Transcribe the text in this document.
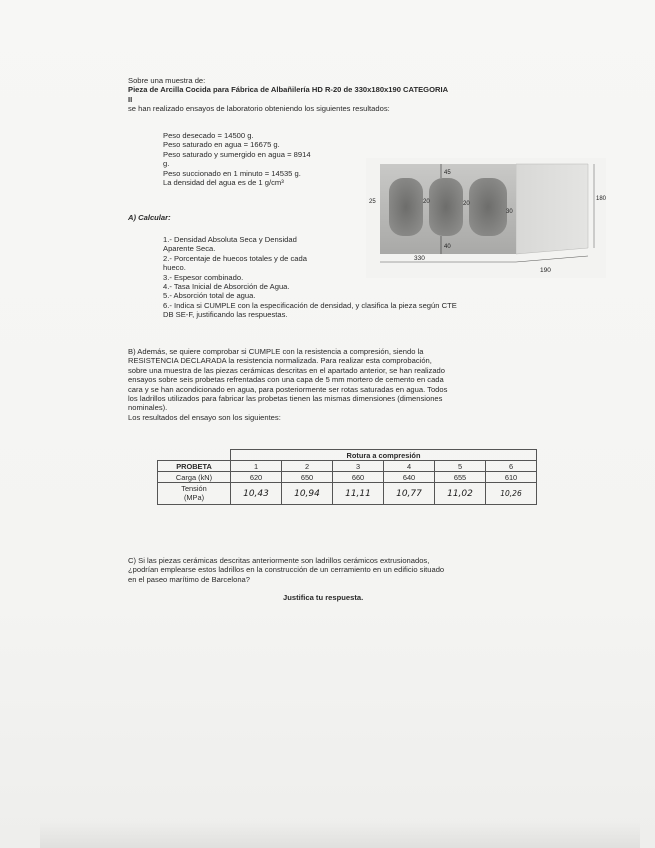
Sobre una muestra de:

Pieza de Arcilla Cocida para Fábrica de Albañilería HD R-20 de 330x180x190 CATEGORIA

II

se han realizado ensayos de laboratorio obteniendo los siguientes resultados:

Peso desecado = 14500 g.

Peso saturado en agua = 16675 g.

Peso saturado y sumergido en agua = 8914

g.

Peso succionado en 1 minuto = 14535 g.

La densidad del agua es de 1 g/cm³

45
25	20	20
30
40
330
190
180

A) Calcular:

1.- Densidad Absoluta Seca y Densidad

Aparente Seca.

2.- Porcentaje de huecos totales y de cada

hueco.

3.- Espesor combinado.

4.- Tasa Inicial de Absorción de Agua.

5.- Absorción total de agua.

6.- Indica si CUMPLE con la especificación de densidad, y clasifica la pieza según CTE

DB SE-F, justificando las respuestas.

B) Además, se quiere comprobar si CUMPLE con la resistencia a compresión, siendo la

RESISTENCIA DECLARADA la resistencia normalizada. Para realizar esta comprobación,

sobre una muestra de las piezas cerámicas descritas en el apartado anterior, se han realizado

ensayos sobre seis probetas refrentadas con una capa de 5 mm mortero de cemento en cada

cara y se han acondicionado en agua, para posteriormente ser rotas saturadas en agua. Todos

los ladrillos utilizados para fabricar las probetas tienen las mismas dimensiones (dimensiones

nominales).

Los resultados del ensayo son los siguientes:

	Rotura a compresión					
PROBETA	1	2	3	4	5	6
Carga (kN)	620	650	660	640	655	610
Tensión
(MPa)	10,43	10,94	11,11	10,77	11,02	10,26

C) Si las piezas cerámicas descritas anteriormente son ladrillos cerámicos extrusionados,

¿podrían emplearse estos ladrillos en la construcción de un cerramiento en un edificio situado

en el paseo marítimo de Barcelona?

Justifica tu respuesta.
